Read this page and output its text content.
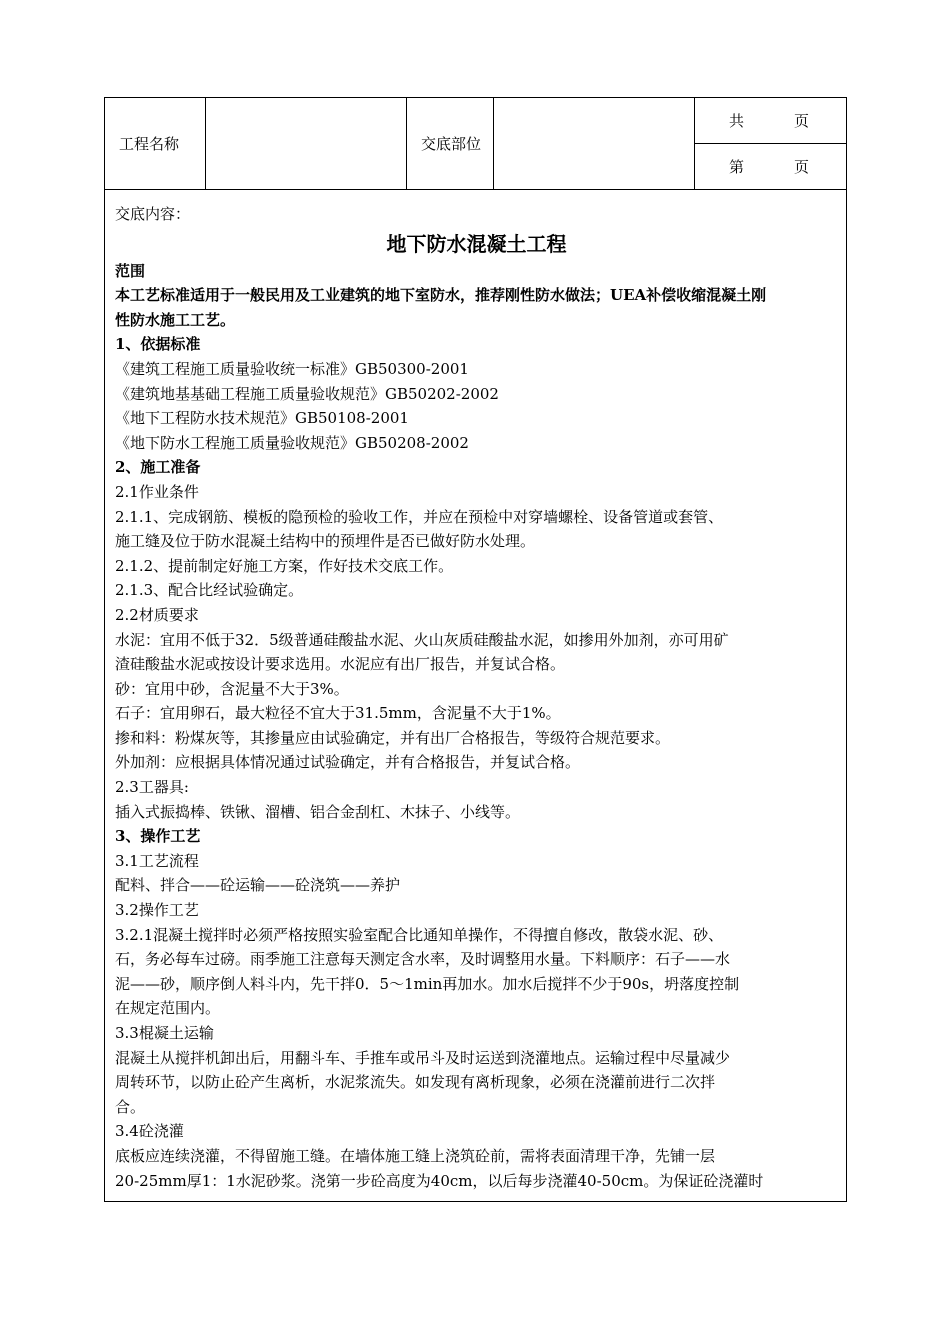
工程名称		交底部位		共	页
第	页
交底内容：
地下防水混凝土工程
范围
本工艺标准适用于一般民用及工业建筑的地下室防水，推荐刚性防水做法；UEA补偿收缩混凝土刚
性防水施工工艺。
1、依据标准
《建筑工程施工质量验收统一标准》GB50300-2001
《建筑地基基础工程施工质量验收规范》GB50202-2002
《地下工程防水技术规范》GB50108-2001
《地下防水工程施工质量验收规范》GB50208-2002
2、施工准备
2.1作业条件
2.1.1、完成钢筋、模板的隐预检的验收工作，并应在预检中对穿墙螺栓、设备管道或套管、
施工缝及位于防水混凝土结构中的预埋件是否已做好防水处理。
2.1.2、提前制定好施工方案，作好技术交底工作。
2.1.3、配合比经试验确定。
2.2材质要求
水泥：宜用不低于32．5级普通硅酸盐水泥、火山灰质硅酸盐水泥，如掺用外加剂，亦可用矿
渣硅酸盐水泥或按设计要求选用。水泥应有出厂报告，并复试合格。
砂：宜用中砂，含泥量不大于3%。
石子：宜用卵石，最大粒径不宜大于31.5mm，含泥量不大于1%。
掺和料：粉煤灰等，其掺量应由试验确定，并有出厂合格报告，等级符合规范要求。
外加剂：应根据具体情况通过试验确定，并有合格报告，并复试合格。
2.3工器具:
插入式振捣棒、铁锹、溜槽、铝合金刮杠、木抹子、小线等。
3、操作工艺
3.1工艺流程
配料、拌合——砼运输——砼浇筑——养护
3.2操作工艺
3.2.1混凝土搅拌时必须严格按照实验室配合比通知单操作，不得擅自修改，散袋水泥、砂、
石，务必每车过磅。雨季施工注意每天测定含水率，及时调整用水量。下料顺序：石子——水
泥——砂，顺序倒人料斗内，先干拌0．5～1min再加水。加水后搅拌不少于90s，坍落度控制
在规定范围内。
3.3棍凝土运输
混凝土从搅拌机卸出后，用翻斗车、手推车或吊斗及时运送到浇灌地点。运输过程中尽量减少
周转环节，以防止砼产生离析，水泥浆流失。如发现有离析现象，必须在浇灌前进行二次拌
合。
3.4砼浇灌
底板应连续浇灌，不得留施工缝。在墙体施工缝上浇筑砼前，需将表面清理干净，先铺一层
20-25mm厚1：1水泥砂浆。浇第一步砼高度为40cm，以后每步浇灌40-50cm。为保证砼浇灌时
